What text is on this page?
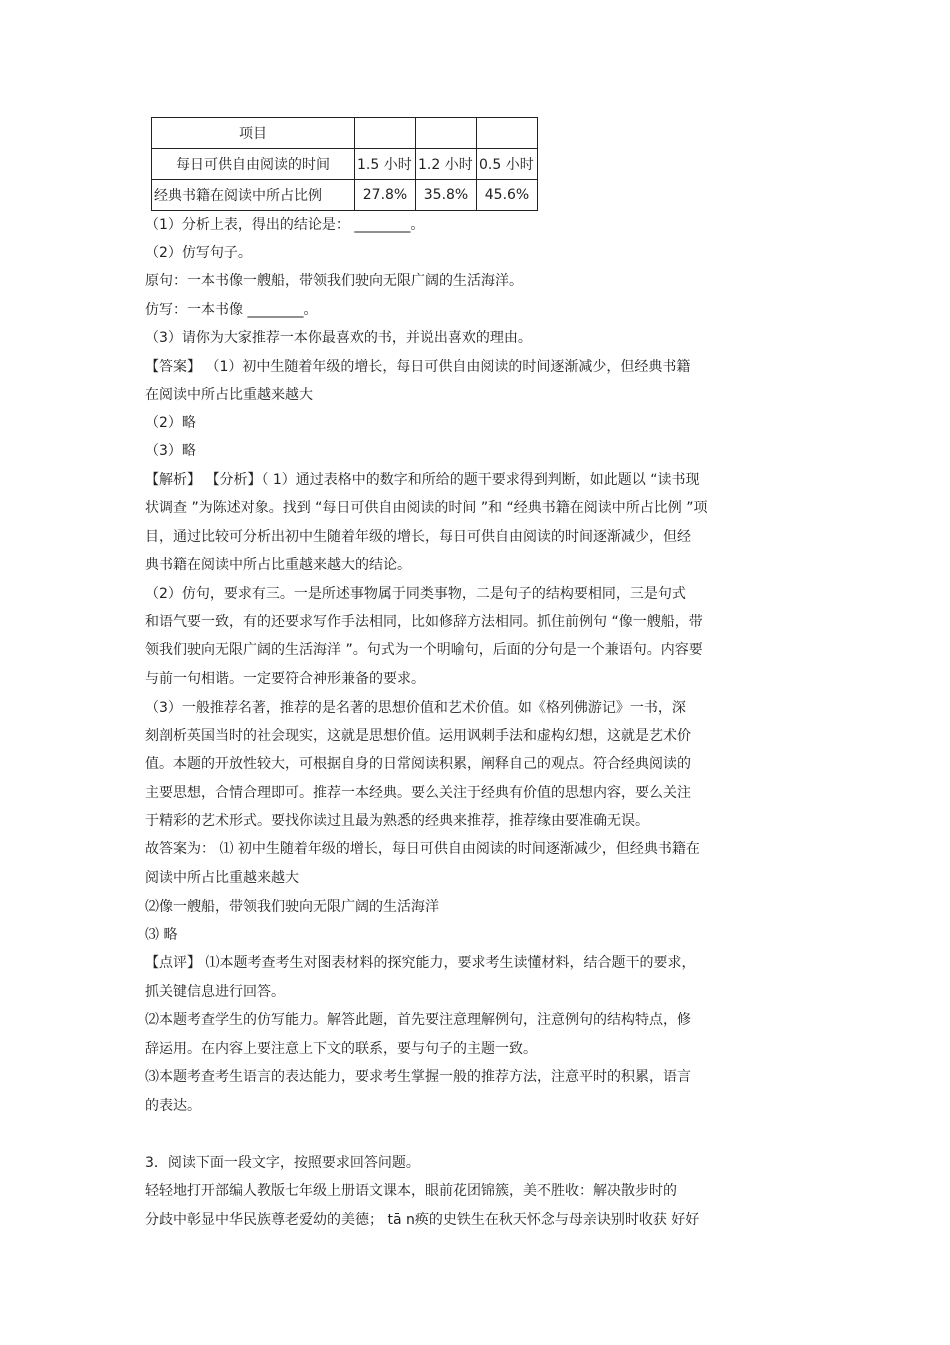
项目			
每日可供自由阅读的时间	1.5 小时	1.2 小时	0.5 小时
经典书籍在阅读中所占比例	27.8%	35.8%	45.6%
（1）分析上表，得出的结论是： ________。
（2）仿写句子。
原句：一本书像一艘船，带领我们驶向无限广阔的生活海洋。
仿写：一本书像 ________。
（3）请你为大家推荐一本你最喜欢的书，并说出喜欢的理由。
【答案】 （1）初中生随着年级的增长，每日可供自由阅读的时间逐渐减少，但经典书籍
在阅读中所占比重越来越大
（2）略
（3）略
【解析】 【分析】（ 1）通过表格中的数字和所给的题干要求得到判断，如此题以 “读书现
状调查 ”为陈述对象。找到 “每日可供自由阅读的时间 ”和 “经典书籍在阅读中所占比例 ”项
目，通过比较可分析出初中生随着年级的增长，每日可供自由阅读的时间逐渐减少，但经
典书籍在阅读中所占比重越来越大的结论。
（2）仿句，要求有三。一是所述事物属于同类事物，二是句子的结构要相同，三是句式
和语气要一致，有的还要求写作手法相同，比如修辞方法相同。抓住前例句 “像一艘船，带
领我们驶向无限广阔的生活海洋 ”。句式为一个明喻句，后面的分句是一个兼语句。内容要
与前一句相谐。一定要符合神形兼备的要求。
（3）一般推荐名著，推荐的是名著的思想价值和艺术价值。如《格列佛游记》一书，深
刻剖析英国当时的社会现实，这就是思想价值。运用讽刺手法和虚构幻想，这就是艺术价
值。本题的开放性较大，可根据自身的日常阅读积累，阐释自己的观点。符合经典阅读的
主要思想，合情合理即可。推荐一本经典。要么关注于经典有价值的思想内容，要么关注
于精彩的艺术形式。要找你读过且最为熟悉的经典来推荐，推荐缘由要准确无误。
故答案为： ⑴ 初中生随着年级的增长，每日可供自由阅读的时间逐渐减少，但经典书籍在
阅读中所占比重越来越大
⑵像一艘船，带领我们驶向无限广阔的生活海洋
⑶ 略
【点评】 ⑴本题考查考生对图表材料的探究能力，要求考生读懂材料，结合题干的要求，
抓关键信息进行回答。
⑵本题考查学生的仿写能力。解答此题，首先要注意理解例句，注意例句的结构特点，修
辞运用。在内容上要注意上下文的联系，要与句子的主题一致。
⑶本题考查考生语言的表达能力，要求考生掌握一般的推荐方法，注意平时的积累，语言
的表达。
3．阅读下面一段文字，按照要求回答问题。
轻轻地打开部编人教版七年级上册语文课本，眼前花团锦簇，美不胜收：解决散步时的
分歧中彰显中华民族尊老爱幼的美德； tā n痪的史铁生在秋天怀念与母亲诀别时收获 好好
